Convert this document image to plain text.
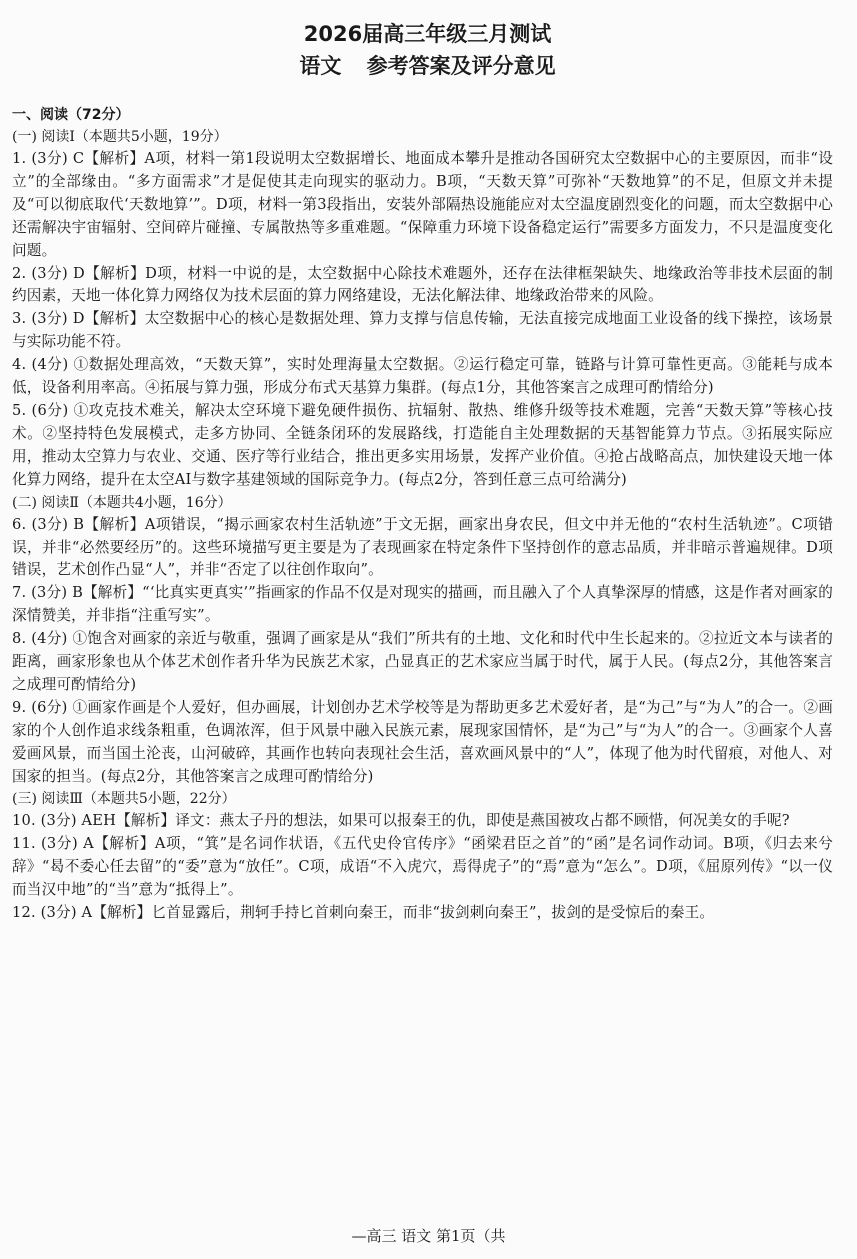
2026届高三年级三月测试
语文 参考答案及评分意见
一、阅读（72分）
(一) 阅读Ⅰ（本题共5小题，19分）
1. (3分) C【解析】A项，材料一第1段说明太空数据增长、地面成本攀升是推动各国研究太空数据中心的主要原因，而非“设立”的全部缘由。“多方面需求”才是促使其走向现实的驱动力。B项，“天数天算”可弥补“天数地算”的不足，但原文并未提及“可以彻底取代‘天数地算’”。D项，材料一第3段指出，安装外部隔热设施能应对太空温度剧烈变化的问题，而太空数据中心还需解决宇宙辐射、空间碎片碰撞、专属散热等多重难题。“保障重力环境下设备稳定运行”需要多方面发力，不只是温度变化问题。
2. (3分) D【解析】D项，材料一中说的是，太空数据中心除技术难题外，还存在法律框架缺失、地缘政治等非技术层面的制约因素，天地一体化算力网络仅为技术层面的算力网络建设，无法化解法律、地缘政治带来的风险。
3. (3分) D【解析】太空数据中心的核心是数据处理、算力支撑与信息传输，无法直接完成地面工业设备的线下操控，该场景与实际功能不符。
4. (4分) ①数据处理高效，“天数天算”，实时处理海量太空数据。②运行稳定可靠，链路与计算可靠性更高。③能耗与成本低，设备利用率高。④拓展与算力强，形成分布式天基算力集群。(每点1分，其他答案言之成理可酌情给分)
5. (6分) ①攻克技术难关，解决太空环境下避免硬件损伤、抗辐射、散热、维修升级等技术难题，完善“天数天算”等核心技术。②坚持特色发展模式，走多方协同、全链条闭环的发展路线，打造能自主处理数据的天基智能算力节点。③拓展实际应用，推动太空算力与农业、交通、医疗等行业结合，推出更多实用场景，发挥产业价值。④抢占战略高点，加快建设天地一体化算力网络，提升在太空AI与数字基建领域的国际竞争力。(每点2分，答到任意三点可给满分)
(二) 阅读Ⅱ（本题共4小题，16分）
6. (3分) B【解析】A项错误，“揭示画家农村生活轨迹”于文无据，画家出身农民，但文中并无他的“农村生活轨迹”。C项错误，并非“必然要经历”的。这些环境描写更主要是为了表现画家在特定条件下坚持创作的意志品质，并非暗示普遍规律。D项错误，艺术创作凸显“人”，并非“否定了以往创作取向”。
7. (3分) B【解析】“‘比真实更真实’”指画家的作品不仅是对现实的描画，而且融入了个人真挚深厚的情感，这是作者对画家的深情赞美，并非指“注重写实”。
8. (4分) ①饱含对画家的亲近与敬重，强调了画家是从“我们”所共有的土地、文化和时代中生长起来的。②拉近文本与读者的距离，画家形象也从个体艺术创作者升华为民族艺术家，凸显真正的艺术家应当属于时代，属于人民。(每点2分，其他答案言之成理可酌情给分)
9. (6分) ①画家作画是个人爱好，但办画展，计划创办艺术学校等是为帮助更多艺术爱好者，是“为己”与“为人”的合一。②画家的个人创作追求线条粗重，色调浓浑，但于风景中融入民族元素，展现家国情怀，是“为己”与“为人”的合一。③画家个人喜爱画风景，而当国土沦丧，山河破碎，其画作也转向表现社会生活，喜欢画风景中的“人”，体现了他为时代留痕，对他人、对国家的担当。(每点2分，其他答案言之成理可酌情给分)
(三) 阅读Ⅲ（本题共5小题，22分）
10. (3分) AEH【解析】译文：燕太子丹的想法，如果可以报秦王的仇，即使是燕国被攻占都不顾惜，何况美女的手呢?
11. (3分) A【解析】A项，“箕”是名词作状语，《五代史伶官传序》“函梁君臣之首”的“函”是名词作动词。B项，《归去来兮辞》“曷不委心任去留”的“委”意为“放任”。C项，成语“不入虎穴，焉得虎子”的“焉”意为“怎么”。D项，《屈原列传》“以一仪而当汉中地”的“当”意为“抵得上”。
12. (3分) A【解析】匕首显露后，荆轲手持匕首刺向秦王，而非“拔剑刺向秦王”，拔剑的是受惊后的秦王。
—高三 语文 第1页（共
